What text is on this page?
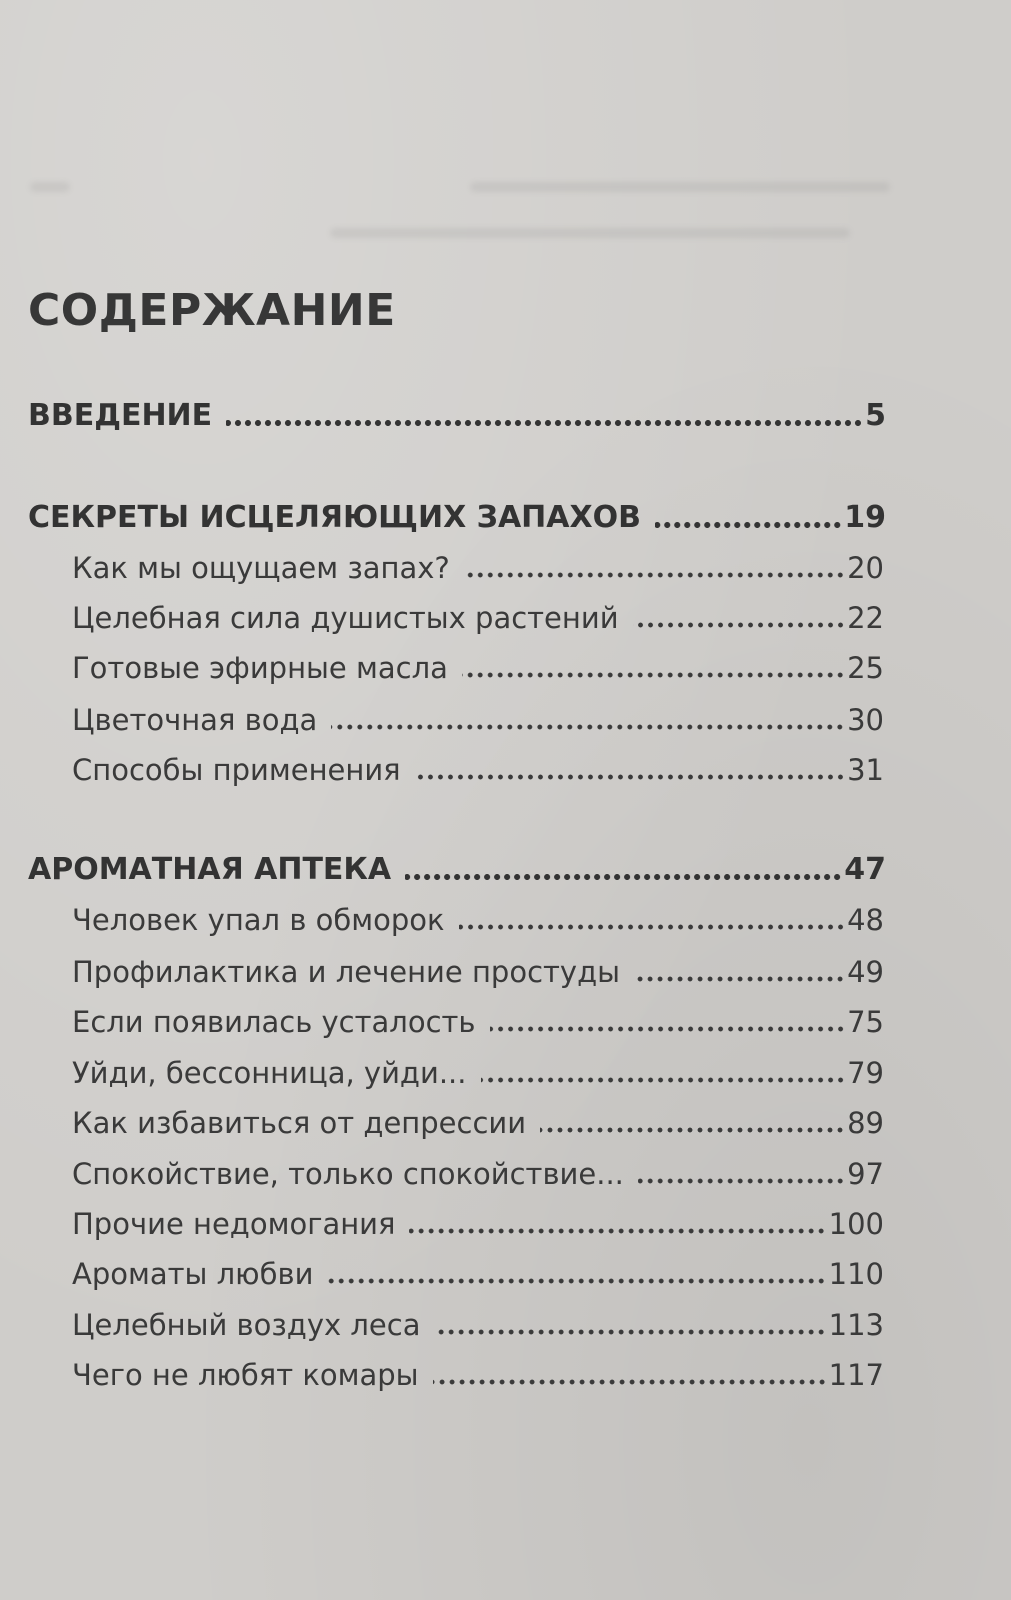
СОДЕРЖАНИЕ
ВВЕДЕНИЕ	5
СЕКРЕТЫ ИСЦЕЛЯЮЩИХ ЗАПАХОВ	19
Как мы ощущаем запах?	20
Целебная сила душистых растений	22
Готовые эфирные масла	25
Цветочная вода	30
Способы применения	31
АРОМАТНАЯ АПТЕКА	47
Человек упал в обморок	48
Профилактика и лечение простуды	49
Если появилась усталость	75
Уйди, бессонница, уйди...	79
Как избавиться от депрессии	89
Спокойствие, только спокойствие...	97
Прочие недомогания	100
Ароматы любви	110
Целебный воздух леса	113
Чего не любят комары	117
